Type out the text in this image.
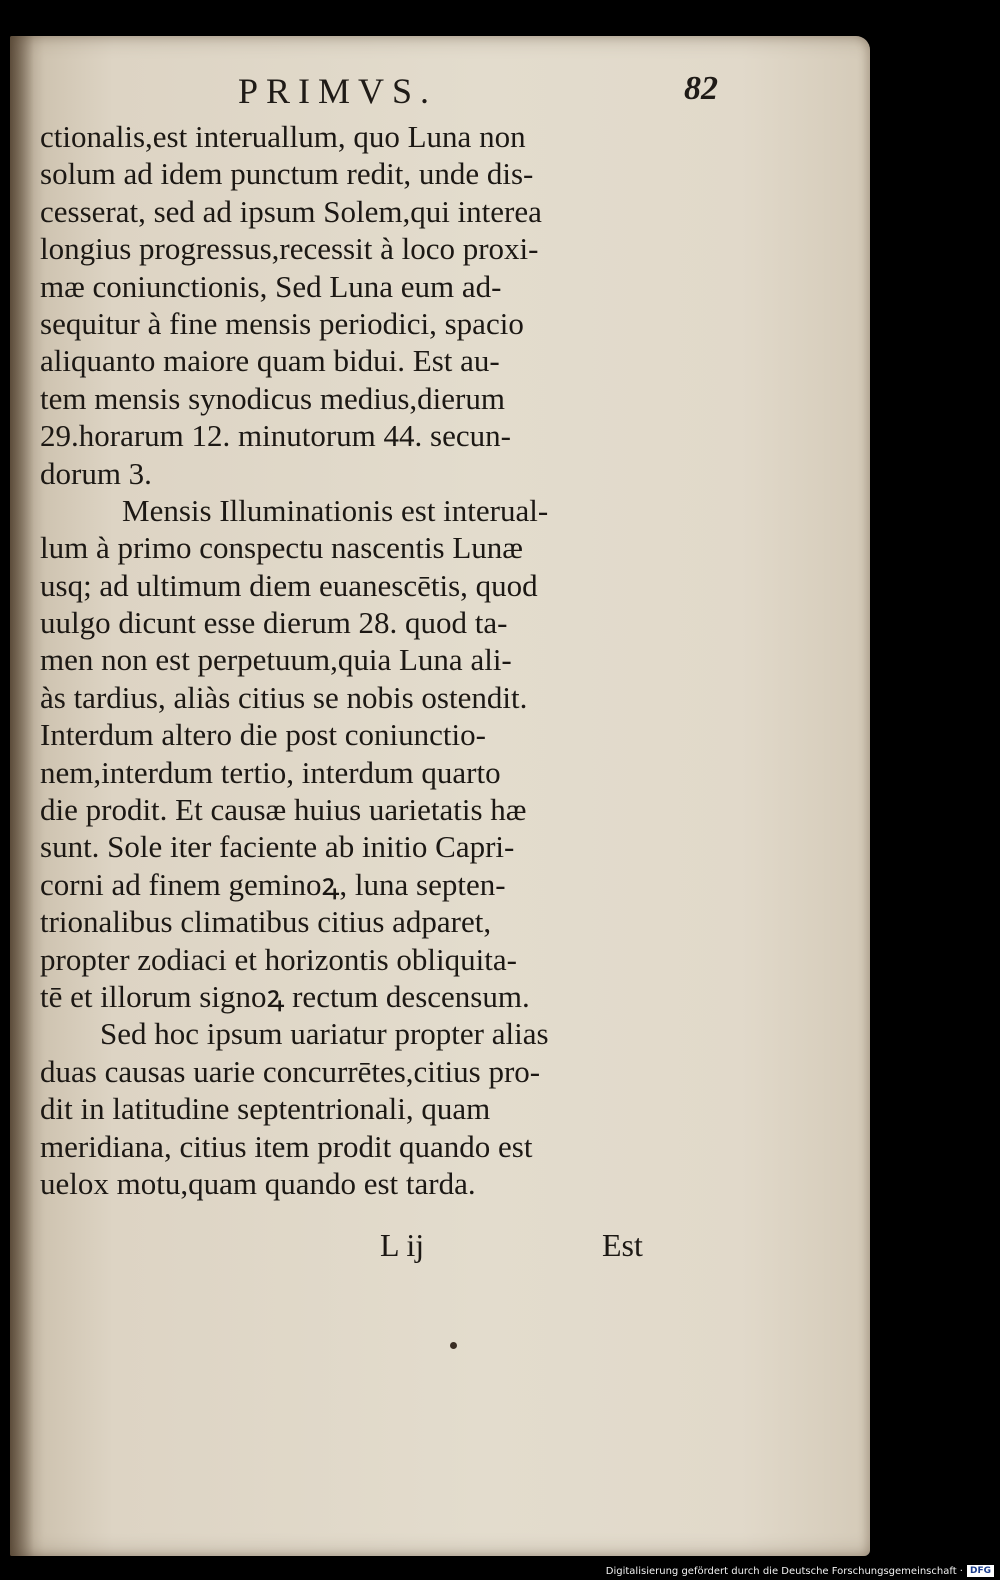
PRIMVS.	82
ctionalis,est interuallum, quo Luna non
solum ad idem punctum redit, unde dis-
cesserat, sed ad ipsum Solem,qui interea
longius progressus,recessit à loco proxi-
mæ coniunctionis, Sed Luna eum ad-
sequitur à fine mensis periodici, spacio
aliquanto maiore quam bidui. Est au-
tem mensis synodicus medius,dierum
29.horarum 12. minutorum 44. secun-
dorum 3.
Mensis Illuminationis est interual-
lum à primo conspectu nascentis Lunæ
usq; ad ultimum diem euanescētis, quod
uulgo dicunt esse dierum 28. quod ta-
men non est perpetuum,quia Luna ali-
às tardius, aliàs citius se nobis ostendit.
Interdum altero die post coniunctio-
nem,interdum tertio, interdum quarto
die prodit. Et causæ huius uarietatis hæ
sunt. Sole iter faciente ab initio Capri-
corni ad finem geminoꝝ, luna septen-
trionalibus climatibus citius adparet,
propter zodiaci et horizontis obliquita-
tē et illorum signoꝝ rectum descensum.
Sed hoc ipsum uariatur propter alias
duas causas uarie concurrētes,citius pro-
dit in latitudine septentrionali, quam
meridiana, citius item prodit quando est
uelox motu,quam quando est tarda.
L ij	Est
Digitalisierung gefördert durch die Deutsche Forschungsgemeinschaft · DFG
